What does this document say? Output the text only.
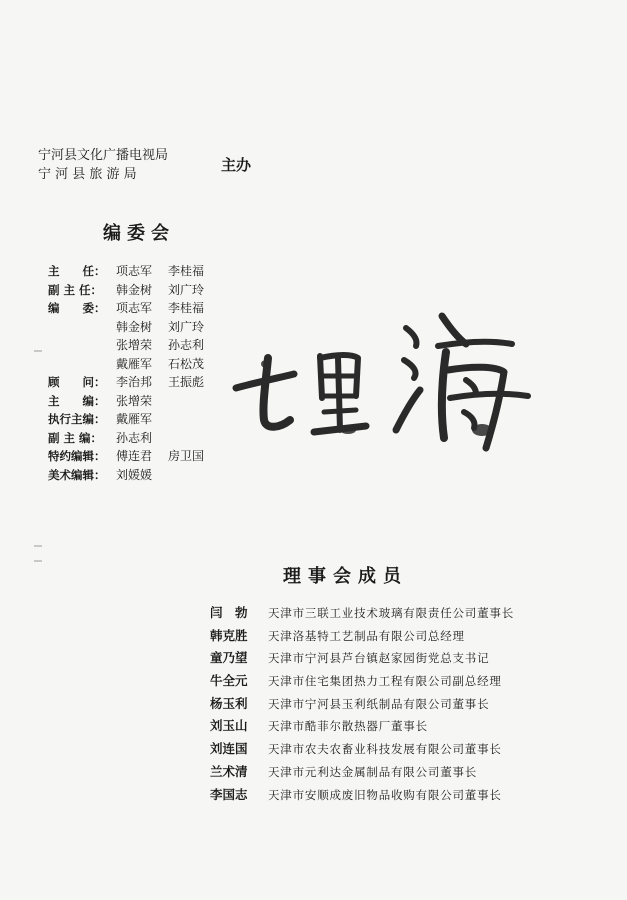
宁河县文化广播电视局
宁 河 县 旅 游 局
主办
编委会
主　　任： 项志军	李桂福
副 主 任：	韩金树	刘广玲
编　　委： 项志军	李桂福
韩金树	刘广玲
张增荣	孙志利
戴雁军	石松茂
顾　　问： 李治邦	王振彪
主　　编： 张增荣
执行主编： 戴雁军
副 主 编：	孙志利
特约编辑： 傅连君	房卫国
美术编辑： 刘媛媛
理事会成员
闫　勃	天津市三联工业技术玻璃有限责任公司董事长
韩克胜	天津洛基特工艺制品有限公司总经理
童乃望	天津市宁河县芦台镇赵家园街党总支书记
牛全元	天津市住宅集团热力工程有限公司副总经理
杨玉利	天津市宁河县玉利纸制品有限公司董事长
刘玉山	天津市酷菲尔散热器厂董事长
刘连国	天津市农夫农畜业科技发展有限公司董事长
兰术清	天津市元利达金属制品有限公司董事长
李国志	天津市安顺成废旧物品收购有限公司董事长
